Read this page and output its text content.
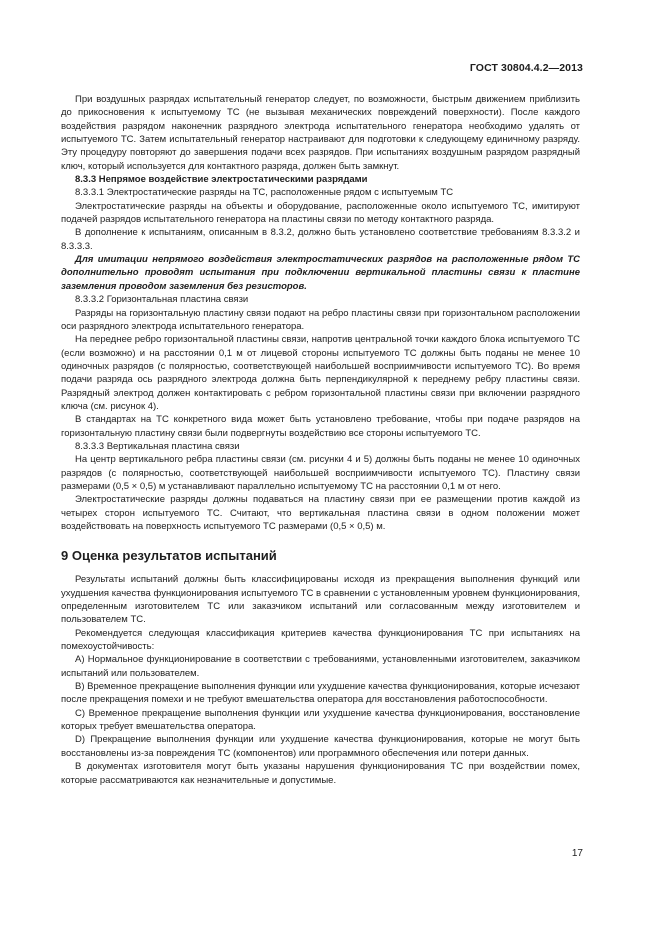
ГОСТ 30804.4.2—2013

При воздушных разрядах испытательный генератор следует, по возможности, быстрым движением приблизить до прикосновения к испытуемому ТС (не вызывая механических повреждений поверхности). После каждого воздействия разрядом наконечник разрядного электрода испытательного генератора необходимо удалять от испытуемого ТС. Затем испытательный генератор настраивают для подготовки к следующему единичному разряду. Эту процедуру повторяют до завершения подачи всех разрядов. При испытаниях воздушным разрядом разрядный ключ, который используется для контактного разряда, должен быть замкнут.

8.3.3 Непрямое воздействие электростатическими разрядами

8.3.3.1 Электростатические разряды на ТС, расположенные рядом с испытуемым ТС

Электростатические разряды на объекты и оборудование, расположенные около испытуемого ТС, имитируют подачей разрядов испытательного генератора на пластины связи по методу контактного разряда.

В дополнение к испытаниям, описанным в 8.3.2, должно быть установлено соответствие требованиям 8.3.3.2 и 8.3.3.3.

Для имитации непрямого воздействия электростатических разрядов на расположенные рядом ТС дополнительно проводят испытания при подключении вертикальной пластины связи к пластине заземления проводом заземления без резисторов.

8.3.3.2 Горизонтальная пластина связи

Разряды на горизонтальную пластину связи подают на ребро пластины связи при горизонтальном расположении оси разрядного электрода испытательного генератора.

На переднее ребро горизонтальной пластины связи, напротив центральной точки каждого блока испытуемого ТС (если возможно) и на расстоянии 0,1 м от лицевой стороны испытуемого ТС должны быть поданы не менее 10 одиночных разрядов (с полярностью, соответствующей наибольшей восприимчивости испытуемого ТС). Во время подачи разряда ось разрядного электрода должна быть перпендикулярной к переднему ребру пластины связи. Разрядный электрод должен контактировать с ребром горизонтальной пластины связи при включении разрядного ключа (см. рисунок 4).

В стандартах на ТС конкретного вида может быть установлено требование, чтобы при подаче разрядов на горизонтальную пластину связи были подвергнуты воздействию все стороны испытуемого ТС.

8.3.3.3 Вертикальная пластина связи

На центр вертикального ребра пластины связи (см. рисунки 4 и 5) должны быть поданы не менее 10 одиночных разрядов (с полярностью, соответствующей наибольшей восприимчивости испытуемого ТС). Пластину связи размерами (0,5 × 0,5) м устанавливают параллельно испытуемому ТС на расстоянии 0,1 м от него.

Электростатические разряды должны подаваться на пластину связи при ее размещении против каждой из четырех сторон испытуемого ТС. Считают, что вертикальная пластина связи в одном положении может воздействовать на поверхность испытуемого ТС размерами (0,5 × 0,5) м.

9 Оценка результатов испытаний

Результаты испытаний должны быть классифицированы исходя из прекращения выполнения функций или ухудшения качества функционирования испытуемого ТС в сравнении с установленным уровнем функционирования, определенным изготовителем ТС или заказчиком испытаний или согласованным между изготовителем и пользователем ТС.

Рекомендуется следующая классификация критериев качества функционирования ТС при испытаниях на помехоустойчивость:

A) Нормальное функционирование в соответствии с требованиями, установленными изготовителем, заказчиком испытаний или пользователем.

B) Временное прекращение выполнения функции или ухудшение качества функционирования, которые исчезают после прекращения помехи и не требуют вмешательства оператора для восстановления работоспособности.

C) Временное прекращение выполнения функции или ухудшение качества функционирования, восстановление которых требует вмешательства оператора.

D) Прекращение выполнения функции или ухудшение качества функционирования, которые не могут быть восстановлены из-за повреждения ТС (компонентов) или программного обеспечения или потери данных.

В документах изготовителя могут быть указаны нарушения функционирования ТС при воздействии помех, которые рассматриваются как незначительные и допустимые.

17
